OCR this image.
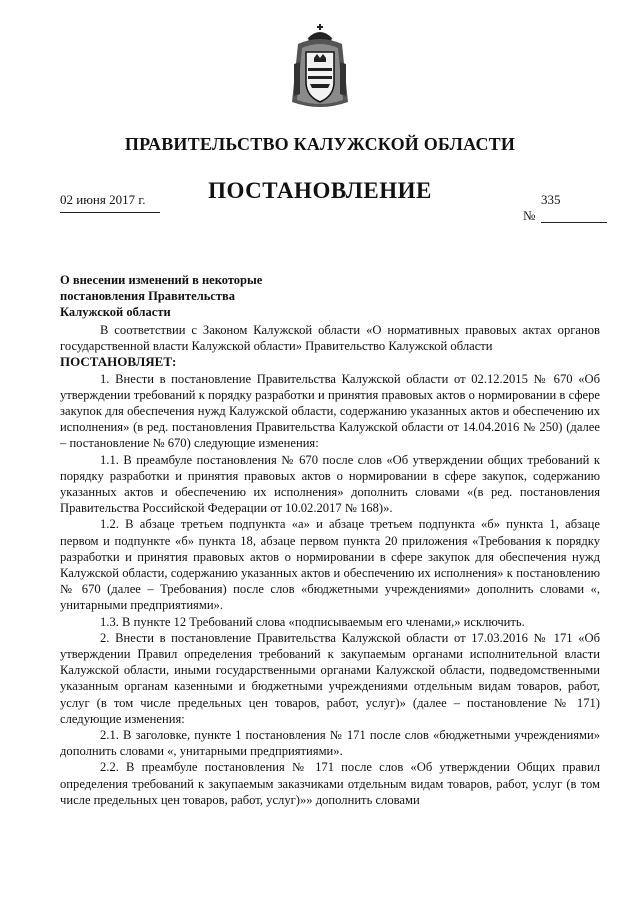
ПРАВИТЕЛЬСТВО КАЛУЖСКОЙ ОБЛАСТИ
ПОСТАНОВЛЕНИЕ
02 июня 2017 г.	335
№
О внесении изменений в некоторые постановления Правительства Калужской области

В соответствии с Законом Калужской области «О нормативных правовых актах органов государственной власти Калужской области» Правительство Калужской области

ПОСТАНОВЛЯЕТ:

1. Внести в постановление Правительства Калужской области от 02.12.2015 № 670 «Об утверждении требований к порядку разработки и принятия правовых актов о нормировании в сфере закупок для обеспечения нужд Калужской области, содержанию указанных актов и обеспечению их исполнения» (в ред. постановления Правительства Калужской области от 14.04.2016 № 250) (далее – постановление № 670) следующие изменения:

1.1. В преамбуле постановления № 670 после слов «Об утверждении общих требований к порядку разработки и принятия правовых актов о нормировании в сфере закупок, содержанию указанных актов и обеспечению их исполнения» дополнить словами «(в ред. постановления Правительства Российской Федерации от 10.02.2017 № 168)».

1.2. В абзаце третьем подпункта «а» и абзаце третьем подпункта «б» пункта 1, абзаце первом и подпункте «б» пункта 18, абзаце первом пункта 20 приложения «Требования к порядку разработки и принятия правовых актов о нормировании в сфере закупок для обеспечения нужд Калужской области, содержанию указанных актов и обеспечению их исполнения» к постановлению № 670 (далее – Требования) после слов «бюджетными учреждениями» дополнить словами «, унитарными предприятиями».

1.3. В пункте 12 Требований слова «подписываемым его членами,» исключить.

2. Внести в постановление Правительства Калужской области от 17.03.2016 № 171 «Об утверждении Правил определения требований к закупаемым органами исполнительной власти Калужской области, иными государственными органами Калужской области, подведомственными указанным органам казенными и бюджетными учреждениями отдельным видам товаров, работ, услуг (в том числе предельных цен товаров, работ, услуг)» (далее – постановление № 171) следующие изменения:

2.1. В заголовке, пункте 1 постановления № 171 после слов «бюджетными учреждениями» дополнить словами «, унитарными предприятиями».

2.2. В преамбуле постановления № 171 после слов «Об утверждении Общих правил определения требований к закупаемым заказчиками отдельным видам товаров, работ, услуг (в том числе предельных цен товаров, работ, услуг)»» дополнить словами
